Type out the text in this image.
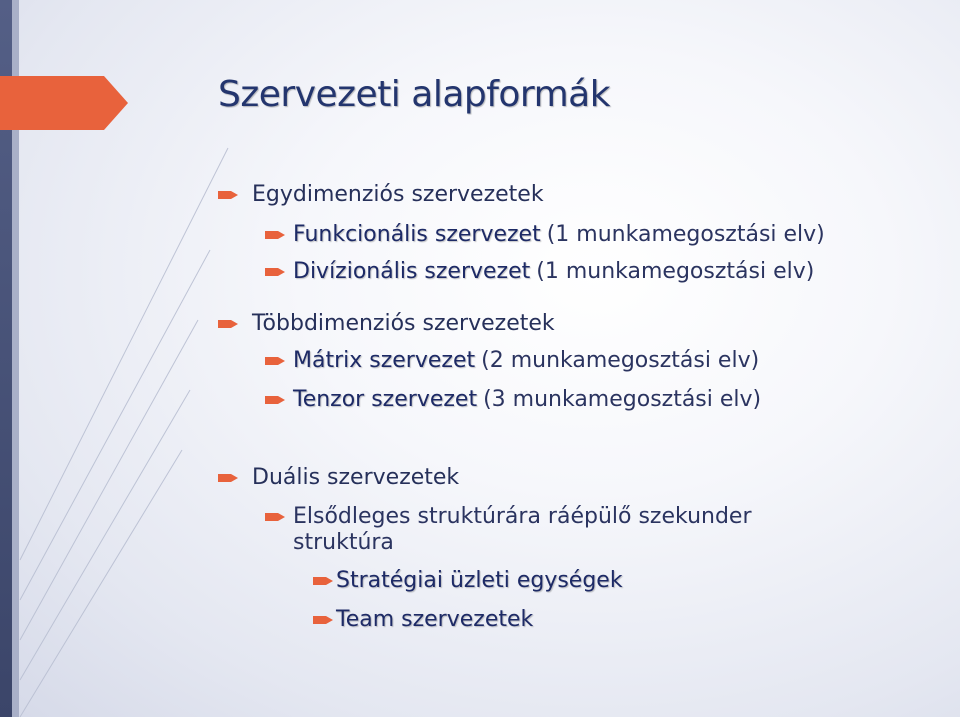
Szervezeti alapformák
Egydimenziós szervezetek
Funkcionális szervezet (1 munkamegosztási elv)
Divízionális szervezet (1 munkamegosztási elv)
Többdimenziós szervezetek
Mátrix szervezet (2 munkamegosztási elv)
Tenzor szervezet (3 munkamegosztási elv)
Duális szervezetek
Elsődleges struktúrára ráépülő szekunder
struktúra
Stratégiai üzleti egységek
Team szervezetek
